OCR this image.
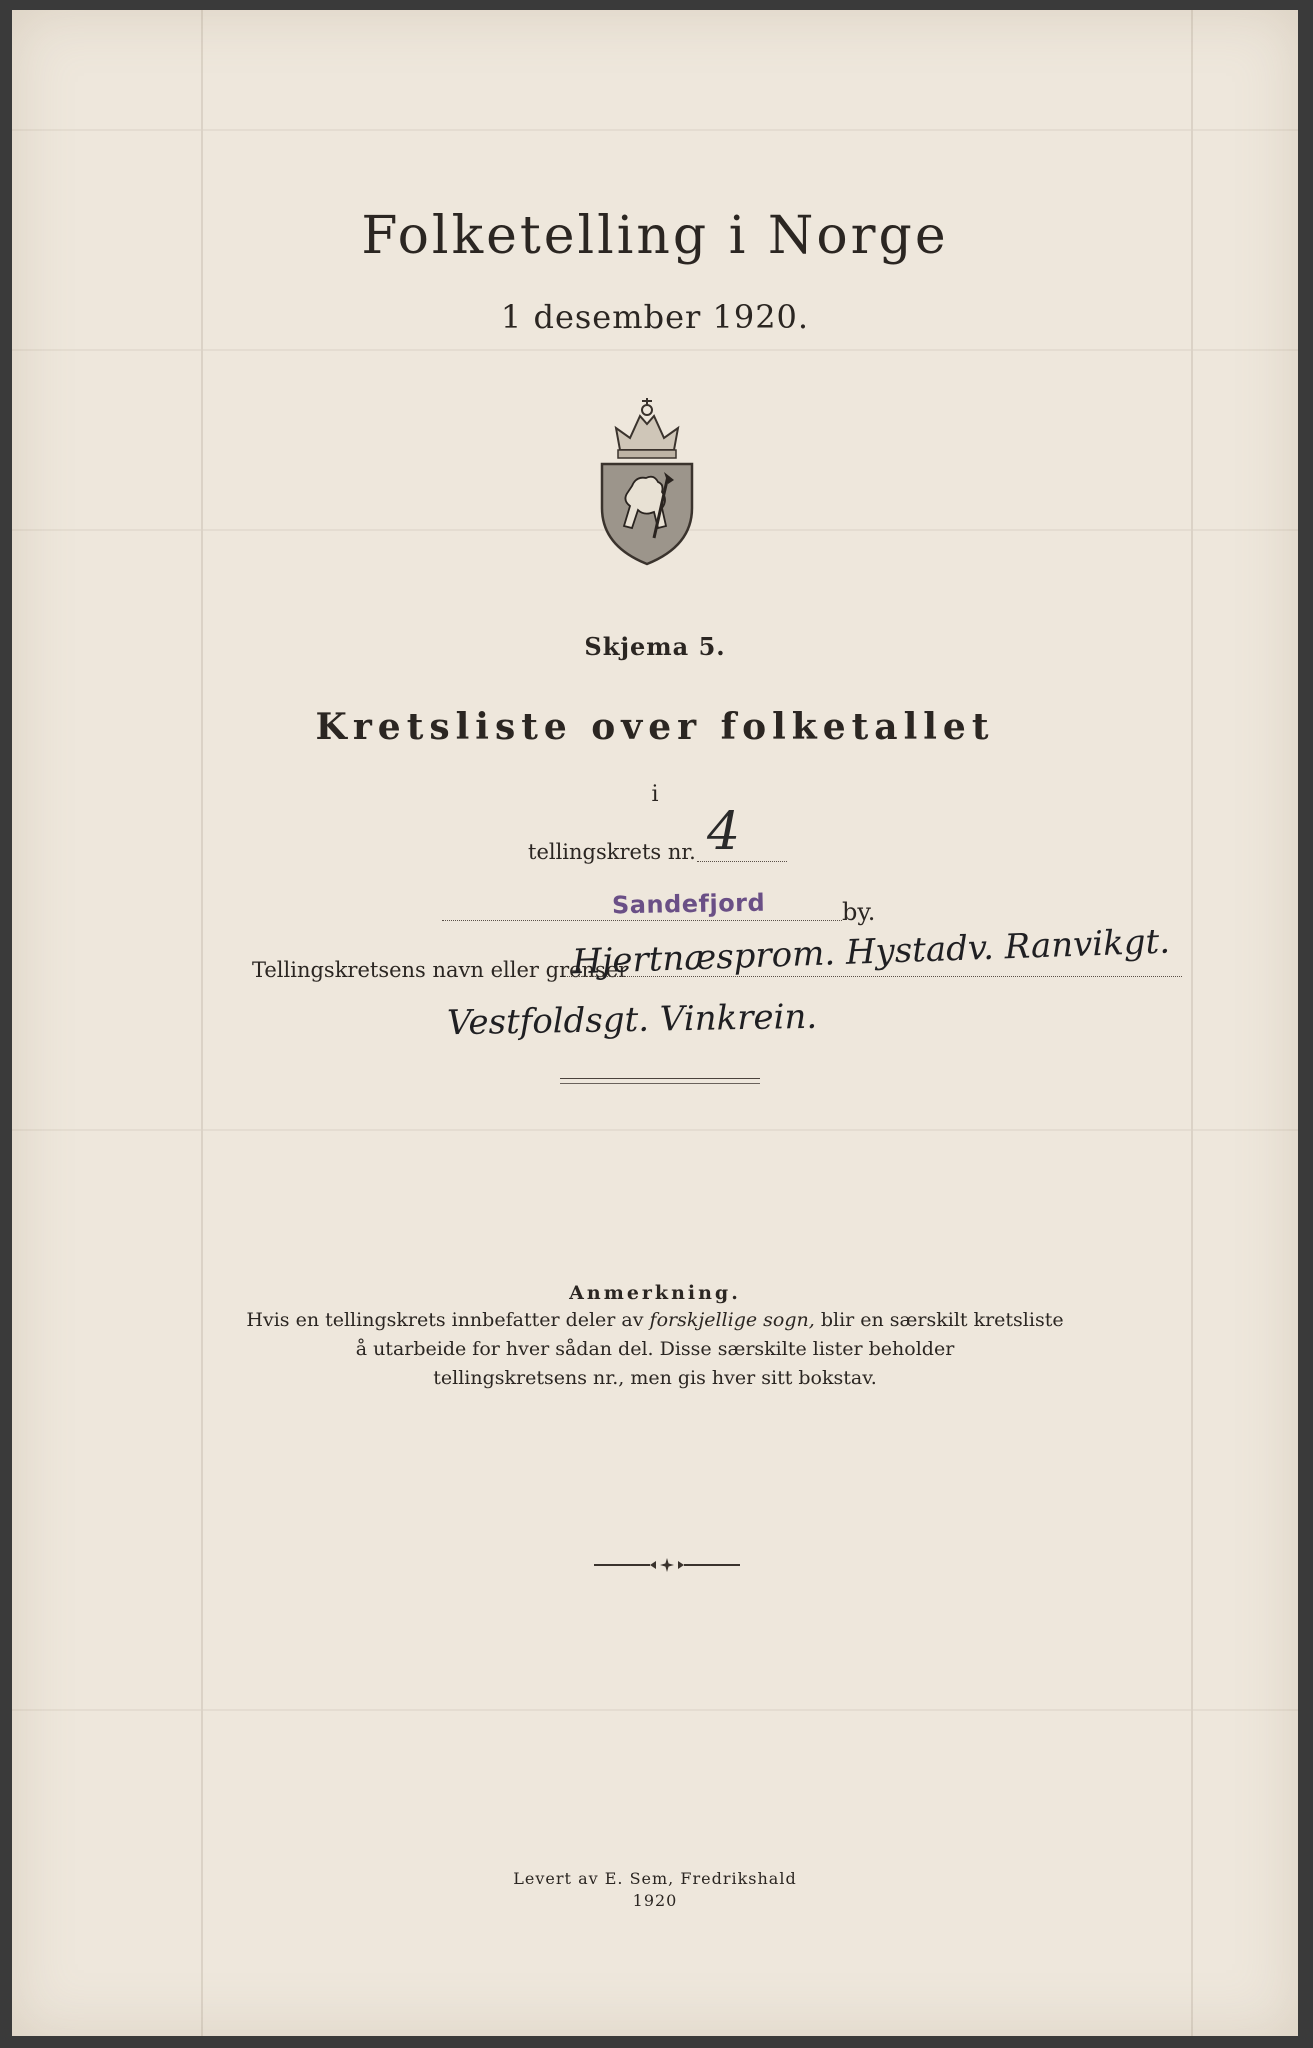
Folketelling i Norge
1 desember 1920.
Skjema 5.
Kretsliste over folketallet
i
tellingskrets nr. 4
Sandefjord	by.
Tellingskretsens navn eller grenser
Hjertnæsprom. Hystadv. Ranvikgt.
Vestfoldsgt. Vinkrein.
Anmerkning.
Hvis en tellingskrets innbefatter deler av forskjellige sogn, blir en særskilt kretsliste
å utarbeide for hver sådan del. Disse særskilte lister beholder
tellingskretsens nr., men gis hver sitt bokstav.
Levert av E. Sem, Fredrikshald
1920
